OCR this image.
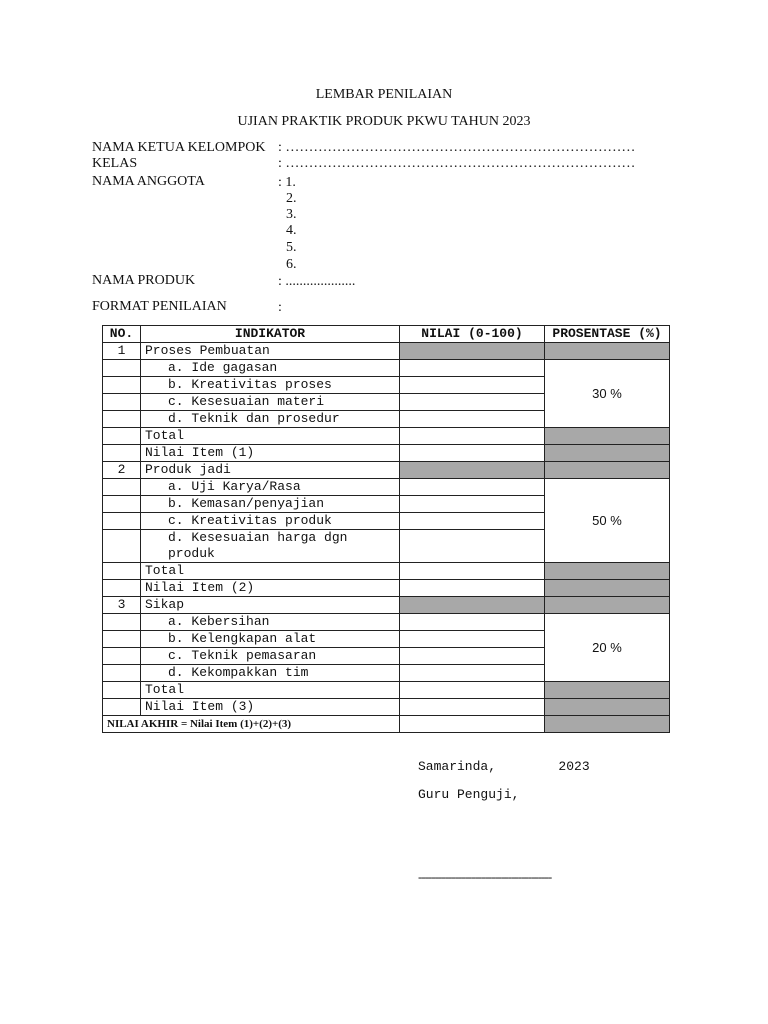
LEMBAR PENILAIAN
UJIAN PRAKTIK PRODUK PKWU TAHUN 2023
NAMA KETUA KELOMPOK : …………………………………………………………………
KELAS	: …………………………………………………………………
NAMA ANGGOTA	: 1.
2.
3.
4.
5.
6.
NAMA PRODUK	: ....................
FORMAT PENILAIAN	:
NO.	INDIKATOR	NILAI (0-100)	PROSENTASE (%)
1	Proses Pembuatan		
	a. Ide gagasan		30 %
	b. Kreativitas proses		
	c. Kesesuaian materi		
	d. Teknik dan prosedur		
	Total		
	Nilai Item (1)		
2	Produk jadi		
	a. Uji Karya/Rasa		50 %
	b. Kemasan/penyajian		
	c. Kreativitas produk		
	d. Kesesuaian harga dgn produk		
	Total		
	Nilai Item (2)		
3	Sikap		
	a. Kebersihan		20 %
	b. Kelengkapan alat		
	c. Teknik pemasaran		
	d. Kekompakkan tim		
	Total		
	Nilai Item (3)		
NILAI AKHIR = Nilai Item (1)+(2)+(3)			
Samarinda,        2023
Guru Penguji,
----------------------------------------
